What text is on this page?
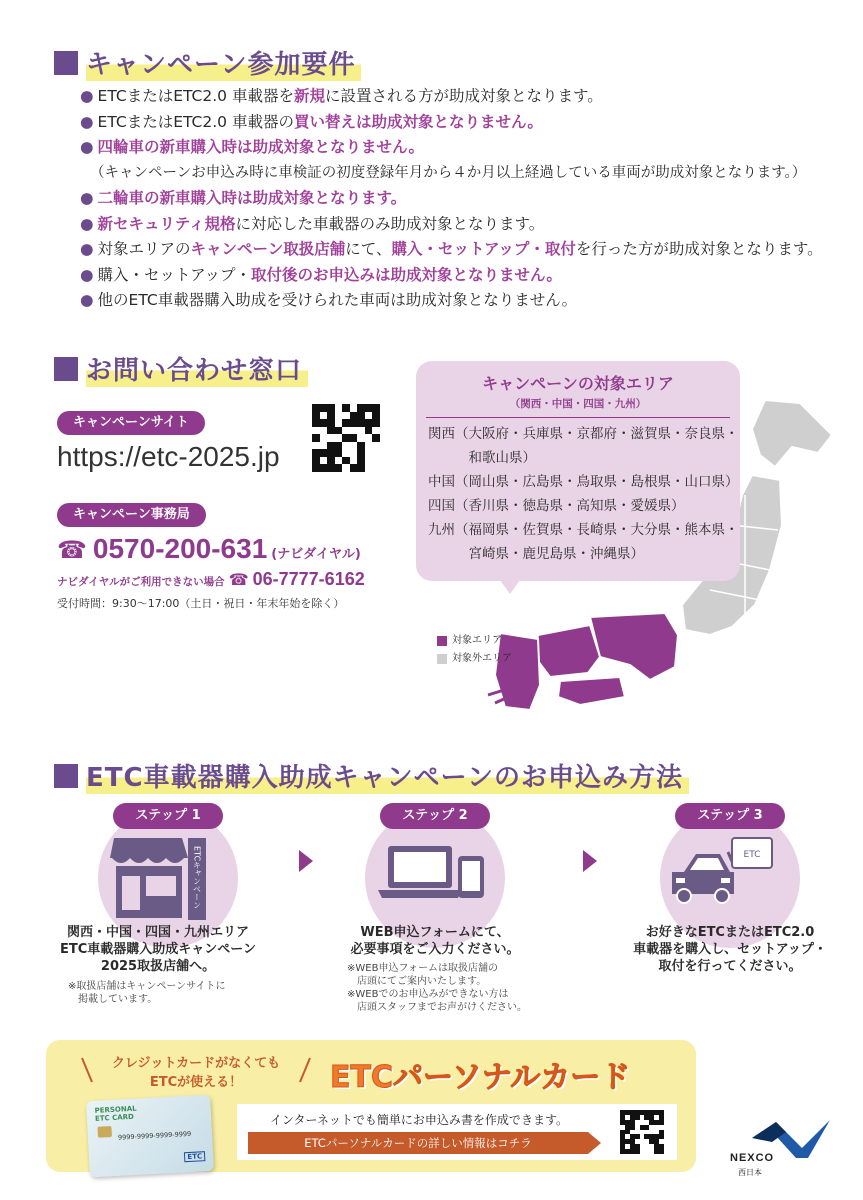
キャンペーン参加要件
● ETCまたはETC2.0 車載器を新規に設置される方が助成対象となります。
● ETCまたはETC2.0 車載器の買い替えは助成対象となりません。
● 四輪車の新車購入時は助成対象となりません。
（キャンペーンお申込み時に車検証の初度登録年月から４か月以上経過している車両が助成対象となります。）
● 二輪車の新車購入時は助成対象となります。
● 新セキュリティ規格に対応した車載器のみ助成対象となります。
● 対象エリアのキャンペーン取扱店舗にて、購入・セットアップ・取付を行った方が助成対象となります。
● 購入・セットアップ・取付後のお申込みは助成対象となりません。
● 他のETC車載器購入助成を受けられた車両は助成対象となりません。
お問い合わせ窓口
キャンペーンサイト
https://etc-2025.jp
キャンペーン事務局
☎ 0570-200-631 (ナビダイヤル)
ナビダイヤルがご利用できない場合 ☎ 06-7777-6162
受付時間：9:30～17:00（土日・祝日・年末年始を除く）
キャンペーンの対象エリア
（関西・中国・四国・九州）
関西（大阪府・兵庫県・京都府・滋賀県・奈良県・
　　　和歌山県）
中国（岡山県・広島県・鳥取県・島根県・山口県）
四国（香川県・徳島県・高知県・愛媛県）
九州（福岡県・佐賀県・長崎県・大分県・熊本県・
　　　宮崎県・鹿児島県・沖縄県）
対象エリア
対象外エリア
ETC車載器購入助成キャンペーンのお申込み方法
ステップ 1
ETCキャンペーン
関西・中国・四国・九州エリア
ETC車載器購入助成キャンペーン
2025取扱店舗へ。
※取扱店舗はキャンペーンサイトに
　掲載しています。
ステップ 2
WEB申込フォームにて、
必要事項をご入力ください。
※WEB申込フォームは取扱店舗の
　店頭にてご案内いたします。
※WEBでのお申込みができない方は
　店頭スタッフまでお声がけください。
ステップ 3
ETC
お好きなETCまたはETC2.0
車載器を購入し、セットアップ・
取付を行ってください。
クレジットカードがなくても
ETCが使える！	ETCパーソナルカード
PERSONAL
ETC CARD
9999-9999-9999-9999
ETC
インターネットでも簡単にお申込み書を作成できます。
ETCパーソナルカードの詳しい情報はコチラ
NEXCO
西日本
